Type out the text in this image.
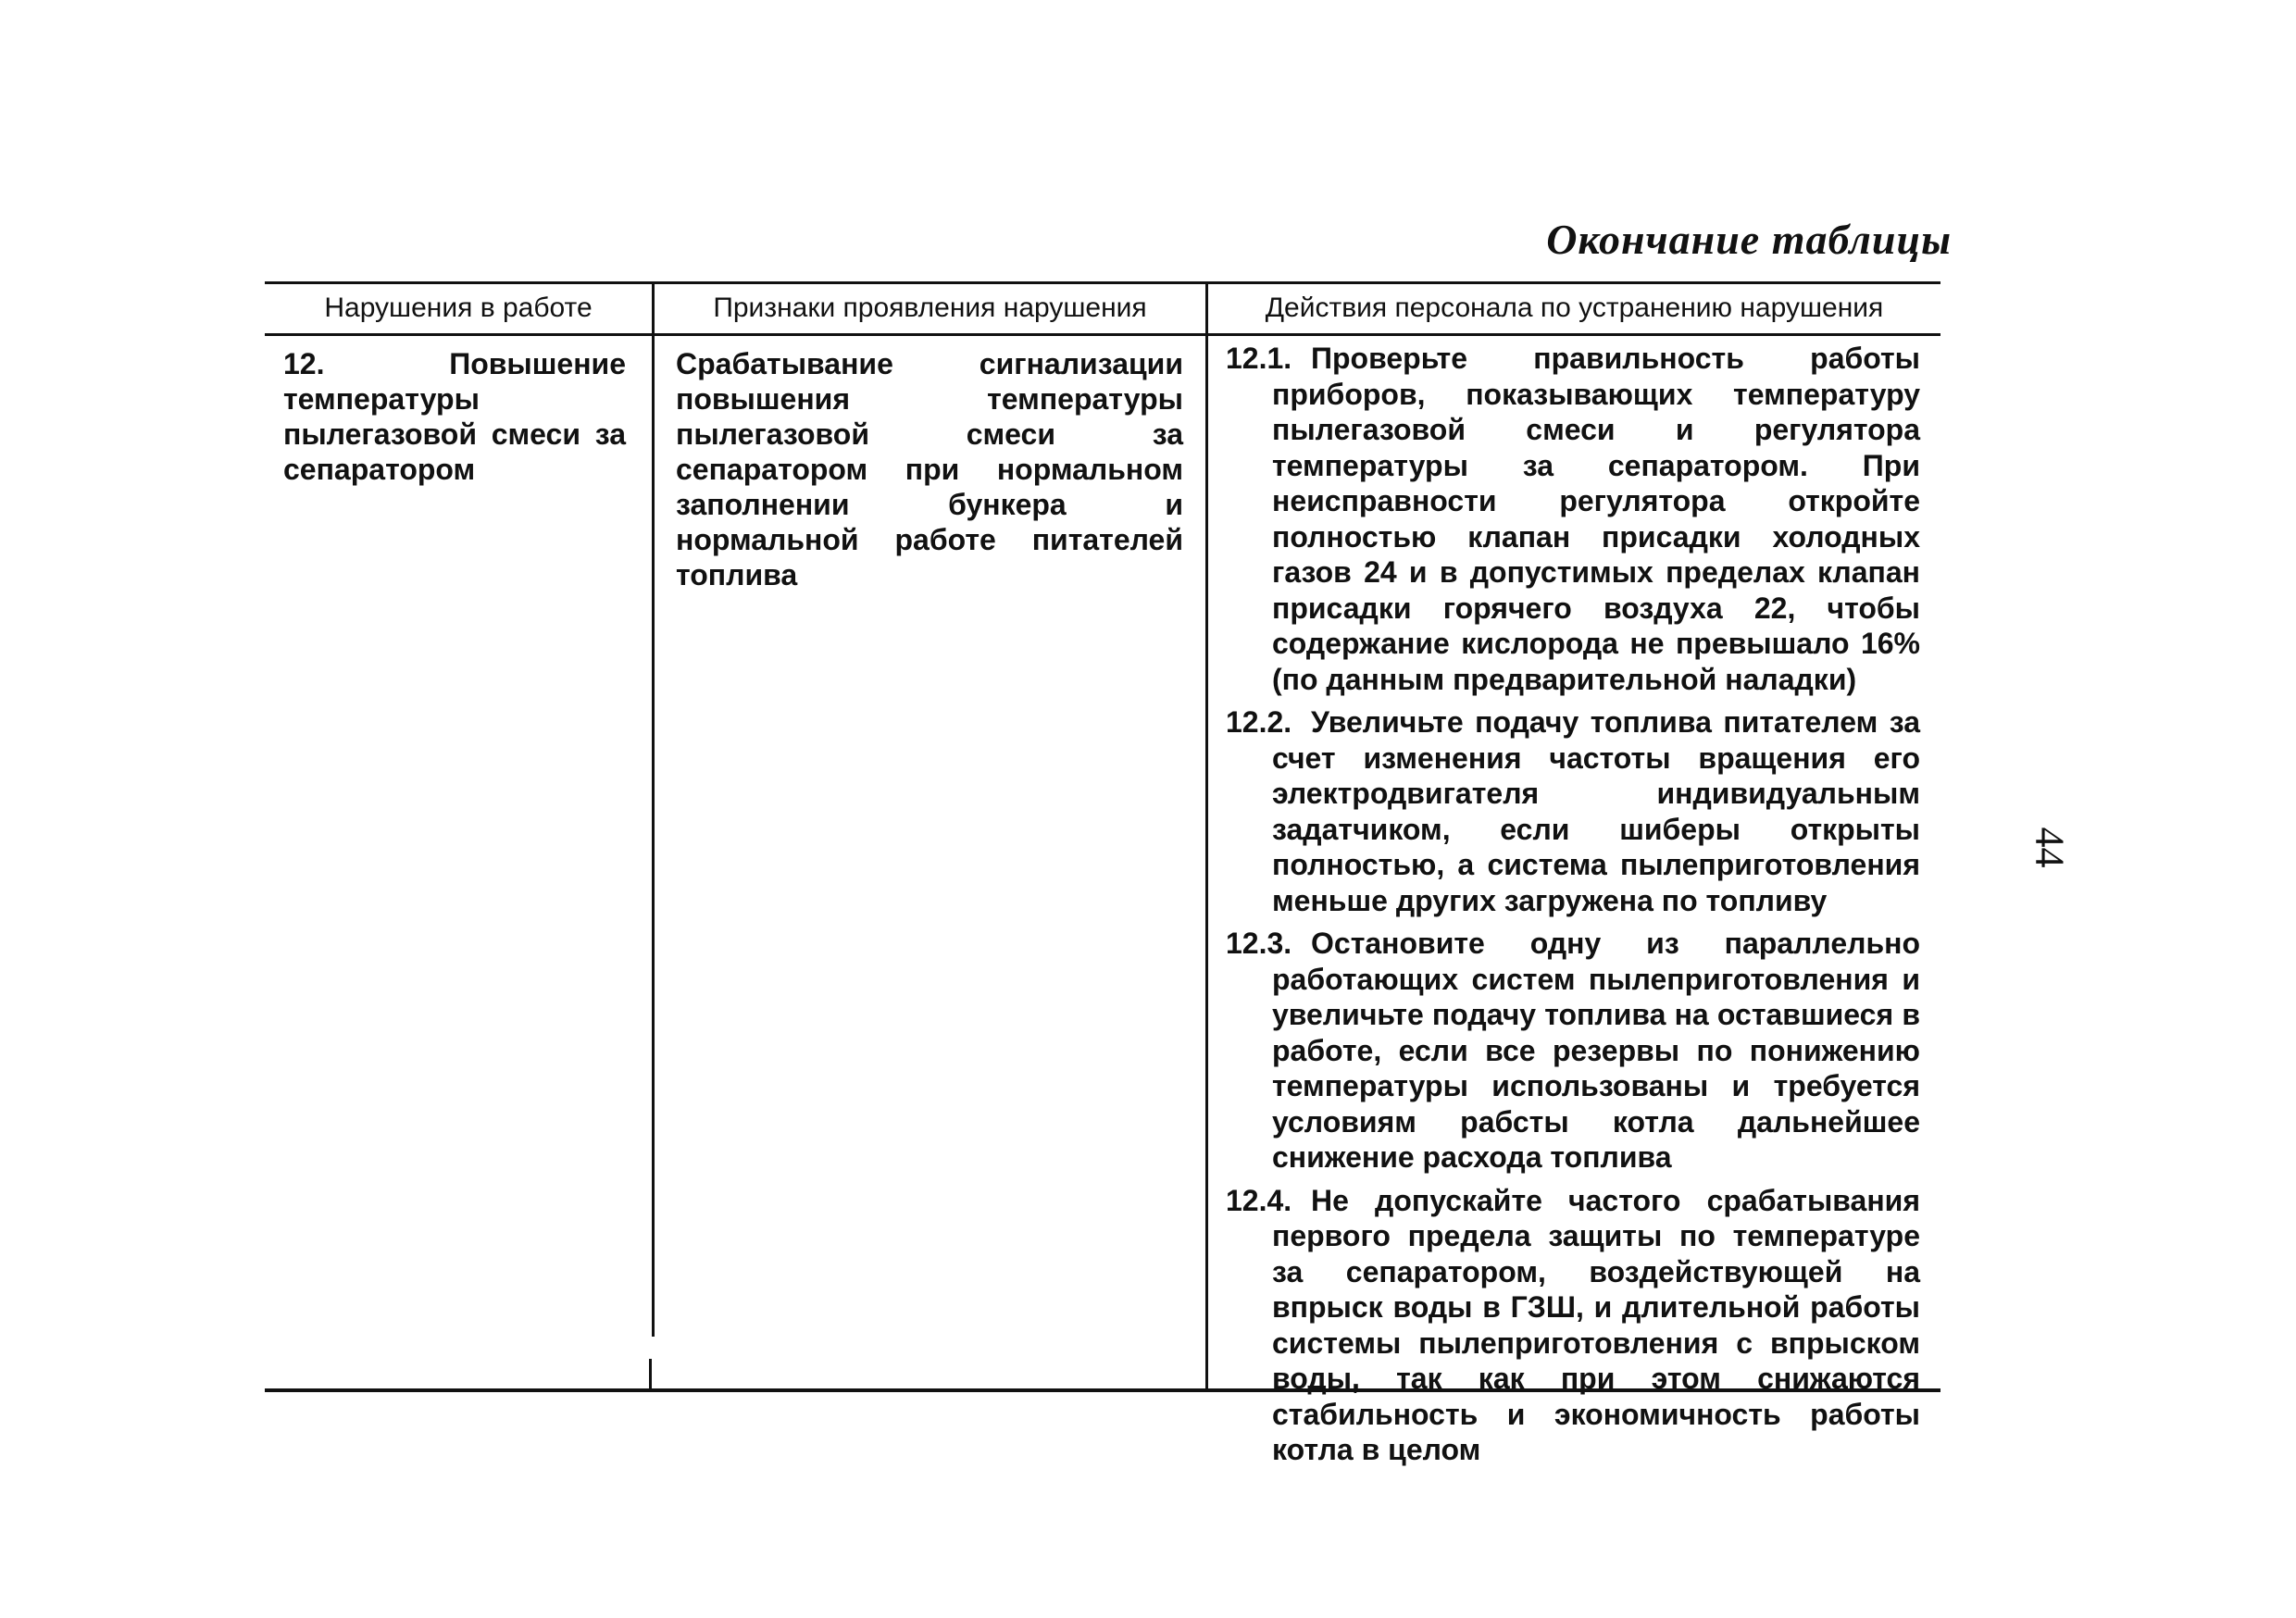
Окончание таблицы
Нарушения в работе	Признаки проявления нарушения	Действия персонала по устранению нарушения
12. Повышение температуры пылегазовой смеси за сепаратором
Срабатывание сигнализации повышения температуры пылегазовой смеси за сепаратором при нормальном заполнении бункера и нормальной работе питателей топлива
12.1. Проверьте правильность работы приборов, показывающих температуру пылегазовой смеси и регулятора температуры за сепаратором. При неисправности регулятора откройте полностью клапан присадки холодных газов 24 и в допустимых пределах клапан присадки горячего воздуха 22, чтобы содержание кислорода не превышало 16% (по данным предварительной наладки)
12.2. Увеличьте подачу топлива питателем за счет изменения частоты вращения его электродвигателя индивидуальным задатчиком, если шиберы открыты полностью, а система пылеприготовления меньше других загружена по топливу
12.3. Остановите одну из параллельно работающих систем пылеприготовления и увеличьте подачу топлива на оставшиеся в работе, если все резервы по понижению температуры использованы и требуется условиям рабсты котла дальнейшее снижение расхода топлива
12.4. Не допускайте частого срабатывания первого предела защиты по температуре за сепаратором, воздействующей на впрыск воды в ГЗШ, и длительной работы системы пылеприготовления с впрыском воды, так как при этом снижаются стабильность и экономичность работы котла в целом
44
